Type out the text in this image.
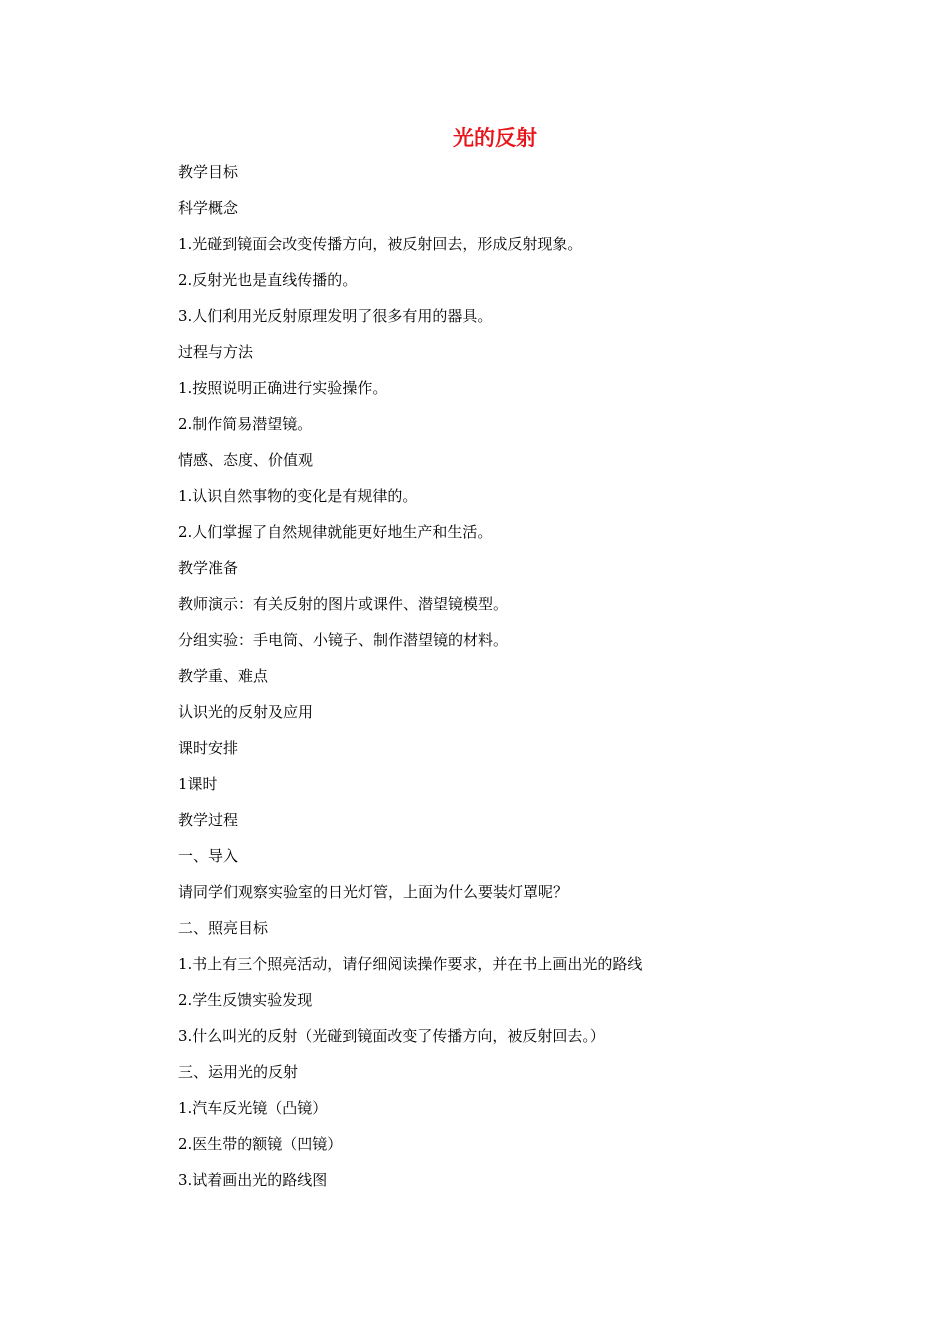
光的反射
教学目标
科学概念
1.光碰到镜面会改变传播方向，被反射回去，形成反射现象。
2.反射光也是直线传播的。
3.人们利用光反射原理发明了很多有用的器具。
过程与方法
1.按照说明正确进行实验操作。
2.制作简易潜望镜。
情感、态度、价值观
1.认识自然事物的变化是有规律的。
2.人们掌握了自然规律就能更好地生产和生活。
教学准备
教师演示：有关反射的图片或课件、潜望镜模型。
分组实验：手电筒、小镜子、制作潜望镜的材料。
教学重、难点
认识光的反射及应用
课时安排
1课时
教学过程
一、导入
请同学们观察实验室的日光灯管，上面为什么要装灯罩呢？
二、照亮目标
1.书上有三个照亮活动，请仔细阅读操作要求，并在书上画出光的路线
2.学生反馈实验发现
3.什么叫光的反射（光碰到镜面改变了传播方向，被反射回去。）
三、运用光的反射
1.汽车反光镜（凸镜）
2.医生带的额镜（凹镜）
3.试着画出光的路线图
